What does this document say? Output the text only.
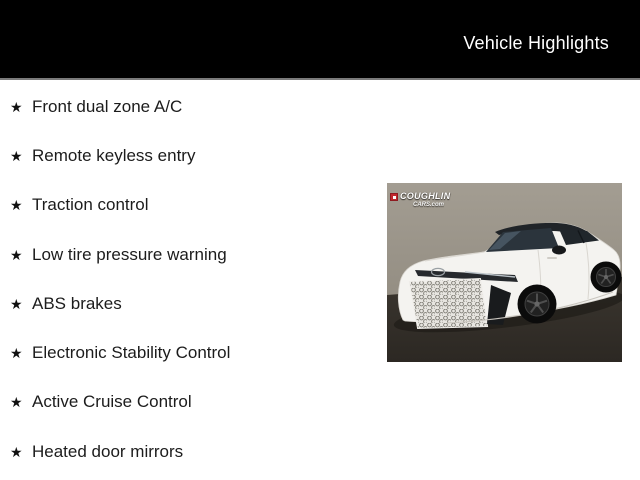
Vehicle Highlights
★ Front dual zone A/C
★ Remote keyless entry
★ Traction control
★ Low tire pressure warning
★ ABS brakes
★ Electronic Stability Control
★ Active Cruise Control
★ Heated door mirrors
COUGHLIN
CARS.com
